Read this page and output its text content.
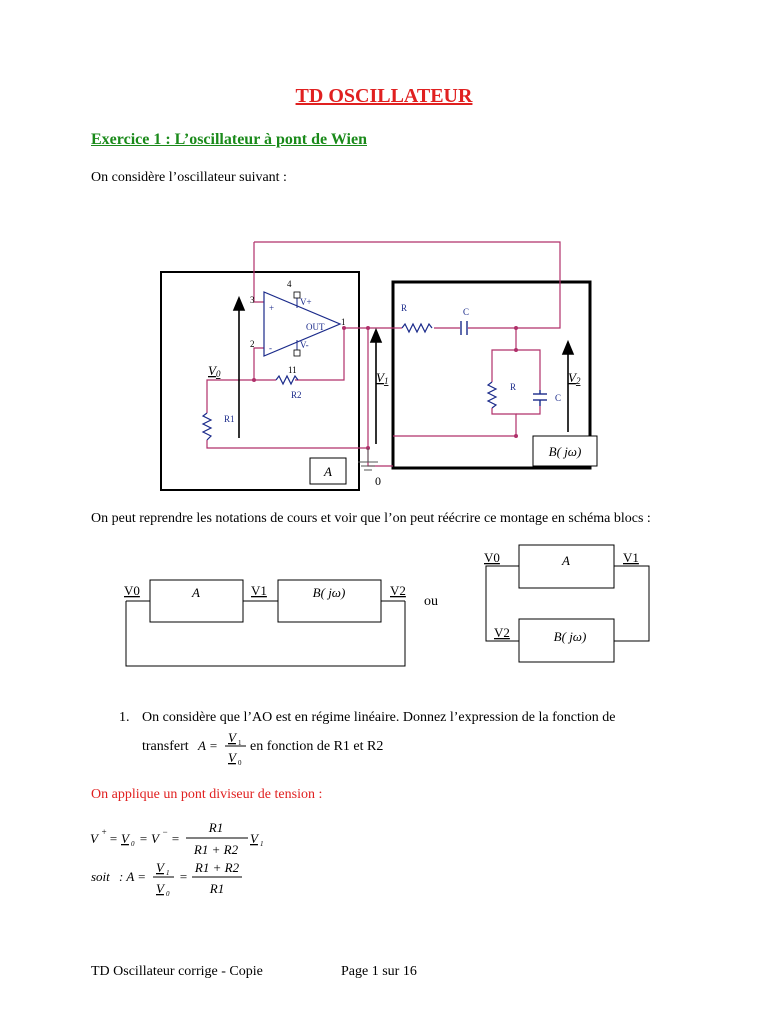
TD OSCILLATEUR
Exercice 1 : L’oscillateur à pont de Wien
On considère l’oscillateur suivant :
A
B( jω)
3
4
2
11
1
+
-
V+
V-
OUT
R2
R1
R	C
R
C
0
V0	V1	V2
On peut reprendre les notations de cours et voir que l’on peut réécrire ce montage en schéma blocs :
V0	A	V1	B( jω)	V2
ou
V0	A	V1
V2	B( jω)
1. On considère que l’AO est en régime linéaire. Donnez l’expression de la fonction de
transfert A =
V 1
V 0
en fonction de R1 et R2
On applique un pont diviseur de tension :
V + = V 0 = V − =
R1
R1 + R2
V 1
soit : A =
V 1
V 0
=
R1 + R2
R1
TD Oscillateur corrige - Copie	Page 1 sur 16
